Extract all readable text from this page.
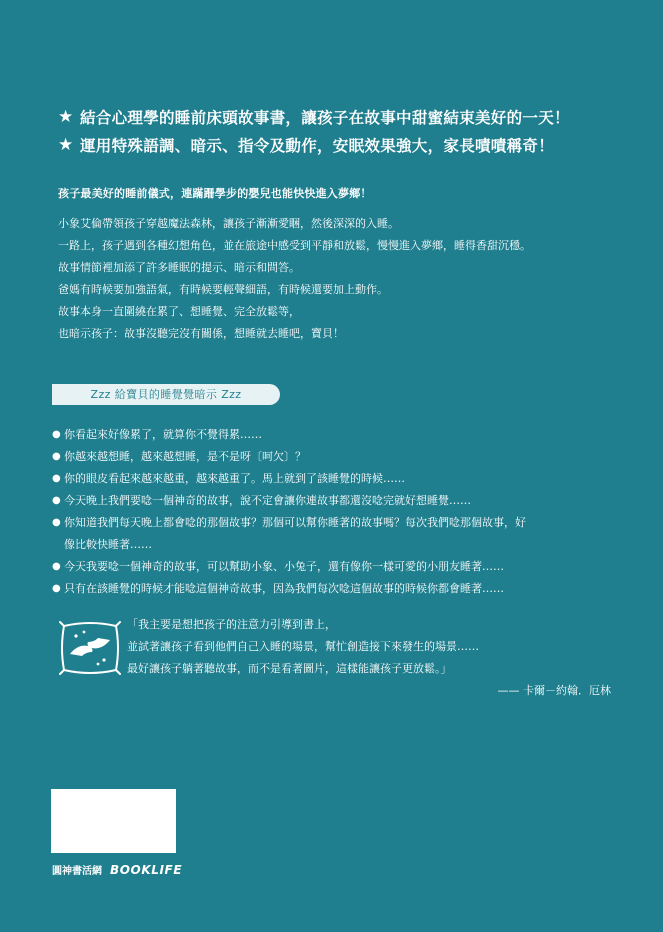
★ 結合心理學的睡前床頭故事書，讓孩子在故事中甜蜜結束美好的一天！
★ 運用特殊語調、暗示、指令及動作，安眠效果強大，家長嘖嘖稱奇！
孩子最美好的睡前儀式，連蹣跚學步的嬰兒也能快快進入夢鄉！
小象艾倫帶領孩子穿越魔法森林，讓孩子漸漸愛睏，然後深深的入睡。
一路上，孩子遇到各種幻想角色，並在旅途中感受到平靜和放鬆，慢慢進入夢鄉，睡得香甜沉穩。
故事情節裡加添了許多睡眠的提示、暗示和問答。
爸媽有時候要加強語氣，有時候要輕聲細語，有時候還要加上動作。
故事本身一直圍繞在累了、想睡覺、完全放鬆等，
也暗示孩子：故事沒聽完沒有關係，想睡就去睡吧，寶貝！
Zzz 給寶貝的睡覺覺暗示 Zzz
● 你看起來好像累了，就算你不覺得累……
● 你越來越想睡，越來越想睡，是不是呀〔呵欠〕？
● 你的眼皮看起來越來越重，越來越重了。馬上就到了該睡覺的時候……
● 今天晚上我們要唸一個神奇的故事，說不定會讓你連故事都還沒唸完就好想睡覺……
● 你知道我們每天晚上都會唸的那個故事？那個可以幫你睡著的故事嗎？每次我們唸那個故事，好
像比較快睡著……
● 今天我要唸一個神奇的故事，可以幫助小象、小兔子，還有像你一樣可愛的小朋友睡著……
● 只有在該睡覺的時候才能唸這個神奇故事，因為我們每次唸這個故事的時候你都會睡著……
「我主要是想把孩子的注意力引導到書上，
並試著讓孩子看到他們自己入睡的場景，幫忙創造接下來發生的場景……
最好讓孩子躺著聽故事，而不是看著圖片，這樣能讓孩子更放鬆。」
—— 卡爾－約翰．厄林
圓神書活網 BOOKLIFE
